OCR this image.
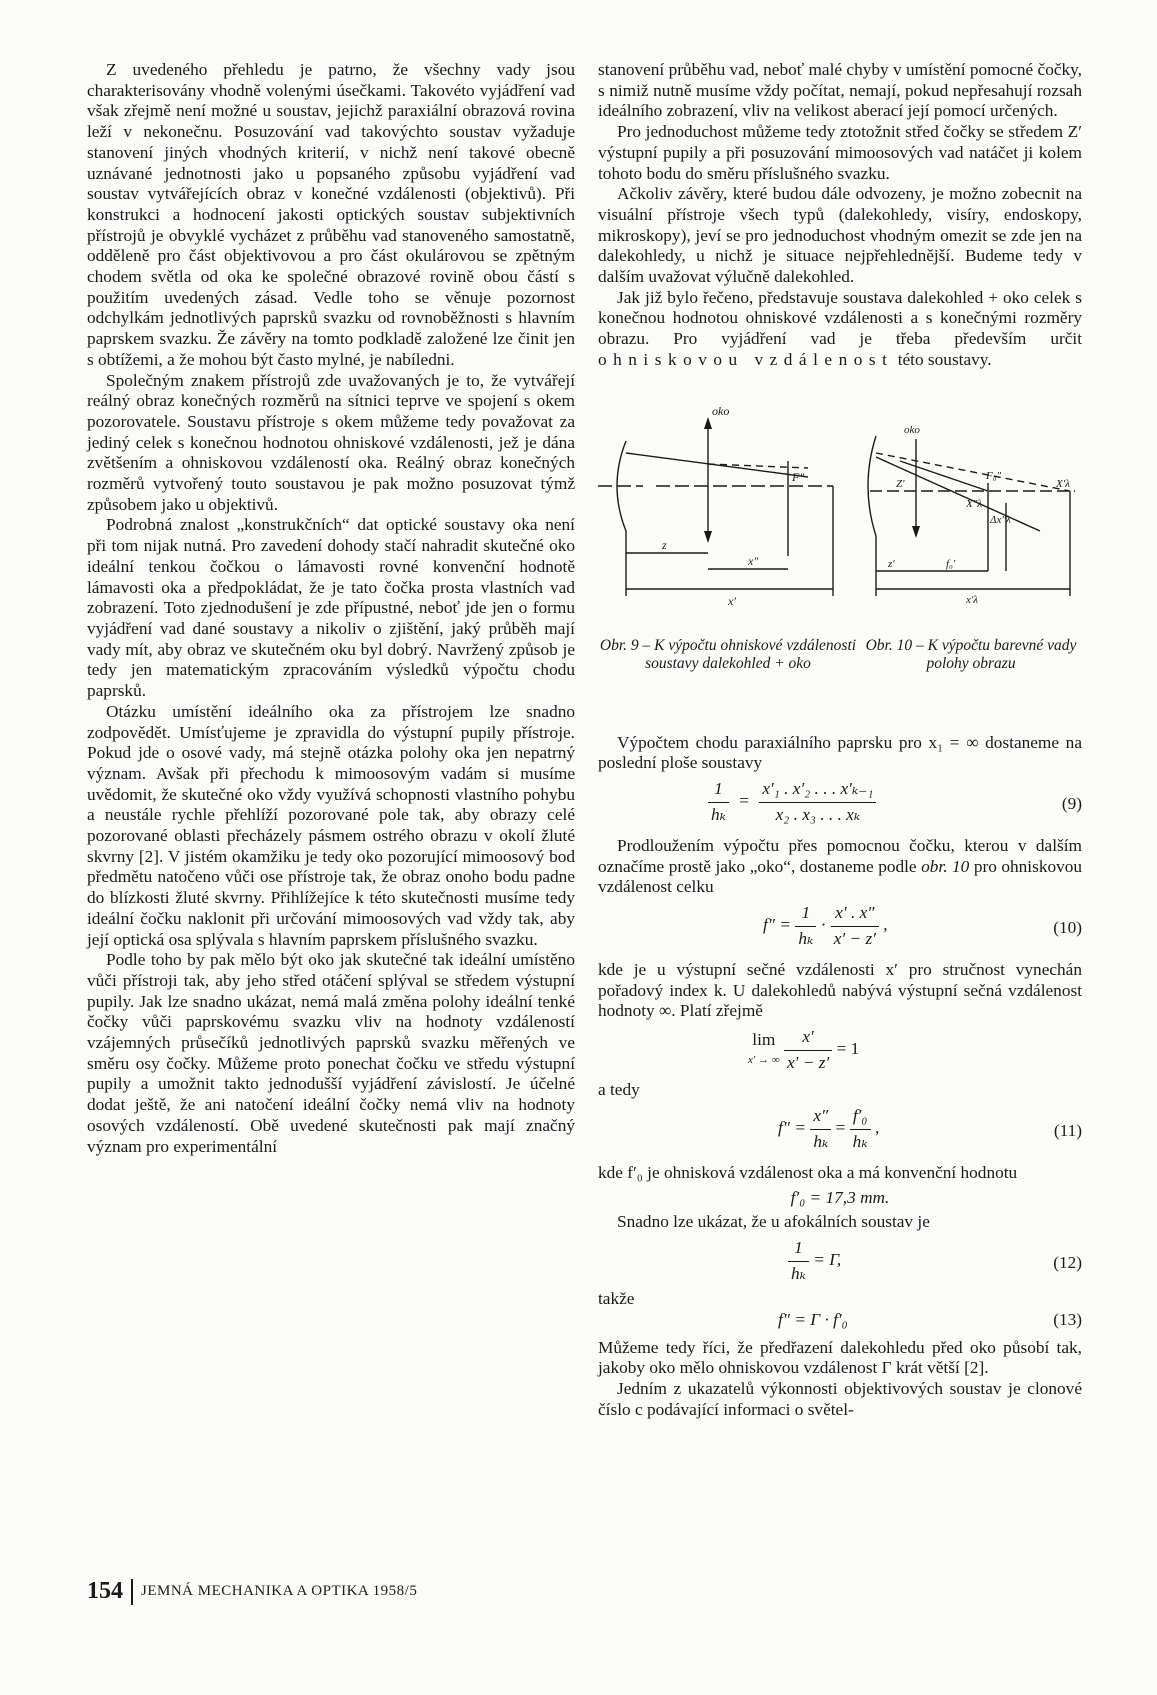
Z uvedeného přehledu je patrno, že všechny vady jsou charakterisovány vhodně volenými úsečkami. Takovéto vyjádření vad však zřejmě není možné u soustav, jejichž paraxiální obrazová rovina leží v nekonečnu. Posuzování vad takovýchto soustav vyžaduje stanovení jiných vhodných kriterií, v nichž není takové obecně uznávané jednotnosti jako u popsaného způsobu vyjádření vad soustav vytvářejících obraz v konečné vzdálenosti (objektivů). Při konstrukci a hodnocení jakosti optických soustav subjektivních přístrojů je obvyklé vycházet z průběhu vad stanoveného samostatně, odděleně pro část objektivovou a pro část okulárovou se zpětným chodem světla od oka ke společné obrazové rovině obou částí s použitím uvedených zásad. Vedle toho se věnuje pozornost odchylkám jednotlivých paprsků svazku od rovnoběžnosti s hlavním paprskem svazku. Že závěry na tomto podkladě založené lze činit jen s obtížemi, a že mohou být často mylné, je nabíledni.

Společným znakem přístrojů zde uvažovaných je to, že vytvářejí reálný obraz konečných rozměrů na sítnici teprve ve spojení s okem pozorovatele. Soustavu přístroje s okem můžeme tedy považovat za jediný celek s konečnou hodnotou ohniskové vzdálenosti, jež je dána zvětšením a ohniskovou vzdáleností oka. Reálný obraz konečných rozměrů vytvořený touto soustavou je pak možno posuzovat týmž způsobem jako u objektivů.

Podrobná znalost „konstrukčních“ dat optické soustavy oka není při tom nijak nutná. Pro zavedení dohody stačí nahradit skutečné oko ideální tenkou čočkou o lámavosti rovné konvenční hodnotě lámavosti oka a předpokládat, že je tato čočka prosta vlastních vad zobrazení. Toto zjednodušení je zde přípustné, neboť jde jen o formu vyjádření vad dané soustavy a nikoliv o zjištění, jaký průběh mají vady mít, aby obraz ve skutečném oku byl dobrý. Navržený způsob je tedy jen matematickým zpracováním výsledků výpočtu chodu paprsků.

Otázku umístění ideálního oka za přístrojem lze snadno zodpovědět. Umísťujeme je zpravidla do výstupní pupily přístroje. Pokud jde o osové vady, má stejně otázka polohy oka jen nepatrný význam. Avšak při přechodu k mimoosovým vadám si musíme uvědomit, že skutečné oko vždy využívá schopnosti vlastního pohybu a neustále rychle přehlíží pozorované pole tak, aby obrazy celé pozorované oblasti přecházely pásmem ostrého obrazu v okolí žluté skvrny [2]. V jistém okamžiku je tedy oko pozorující mimoosový bod předmětu natočeno vůči ose přístroje tak, že obraz onoho bodu padne do blízkosti žluté skvrny. Přihlížejíce k této skutečnosti musíme tedy ideální čočku naklonit při určování mimoosových vad vždy tak, aby její optická osa splývala s hlavním paprskem příslušného svazku.

Podle toho by pak mělo být oko jak skutečné tak ideální umístěno vůči přístroji tak, aby jeho střed otáčení splýval se středem výstupní pupily. Jak lze snadno ukázat, nemá malá změna polohy ideální tenké čočky vůči paprskovému svazku vliv na hodnoty vzdáleností vzájemných průsečíků jednotlivých paprsků svazku měřených ve směru osy čočky. Můžeme proto ponechat čočku ve středu výstupní pupily a umožnit takto jednodušší vyjádření závislostí. Je účelné dodat ještě, že ani natočení ideální čočky nemá vliv na hodnoty osových vzdáleností. Obě uvedené skutečnosti pak mají značný význam pro experimentální

stanovení průběhu vad, neboť malé chyby v umístění pomocné čočky, s nimiž nutně musíme vždy počítat, nemají, pokud nepřesahují rozsah ideálního zobrazení, vliv na velikost aberací její pomocí určených.

Pro jednoduchost můžeme tedy ztotožnit střed čočky se středem Z′ výstupní pupily a při posuzování mimoosových vad natáčet ji kolem tohoto bodu do směru příslušného svazku.

Ačkoliv závěry, které budou dále odvozeny, je možno zobecnit na visuální přístroje všech typů (dalekohledy, visíry, endoskopy, mikroskopy), jeví se pro jednoduchost vhodným omezit se zde jen na dalekohledy, u nichž je situace nejpřehlednější. Budeme tedy v dalším uvažovat výlučně dalekohled.

Jak již bylo řečeno, představuje soustava dalekohled + oko celek s konečnou hodnotou ohniskové vzdálenosti a s konečnými rozměry obrazu. Pro vyjádření vad je třeba především určit ohniskovou vzdálenost této soustavy.

oko
F″
z
x″
x′
Obr. 9 – K výpočtu ohniskové vzdálenosti soustavy dalekohled + oko
oko
Z′
F₀″
X″λ
X′λ
Δx″λ
z′	f₀′
x′λ
Obr. 10 – K výpočtu barevné vady polohy obrazu

Výpočtem chodu paraxiálního paprsku pro x₁ = ∞ dostaneme na poslední ploše soustavy

$\frac{1}{\text{hₖ}} = \frac{\text{x′₁ . x′₂ . . . x′ₖ₋₁}}{\text{x₂ . x₃ . . . xₖ}}$	(9)

Prodloužením výpočtu přes pomocnou čočku, kterou v dalším označíme prostě jako „oko“, dostaneme podle obr. 10 pro ohniskovou vzdálenost celku

$f'' = \frac{1}{\text{hₖ}} \cdot \frac{x' . x''}{x' - z'}$ ,	(10)

kde je u výstupní sečné vzdálenosti x′ pro stručnost vynechán pořadový index k. U dalekohledů nabývá výstupní sečná vzdálenost hodnoty ∞. Platí zřejmě

lim
x′ → ∞
$\frac{x'}{x' - z'} = 1$

a tedy

$f'' = \frac{x''}{\text{hₖ}} = \frac{\text{f′₀}}{\text{hₖ}}$ ,	(11)

kde f′₀ je ohnisková vzdálenost oka a má konvenční hodnotu

f′₀ = 17,3 mm.

Snadno lze ukázat, že u afokálních soustav je

$\frac{1}{\text{hₖ}} = \Gamma$,	(12)

takže

f″ = Γ · f′₀	(13)

Můžeme tedy říci, že předřazení dalekohledu před oko působí tak, jakoby oko mělo ohniskovou vzdálenost Γ krát větší [2].

Jedním z ukazatelů výkonnosti objektivových soustav je clonové číslo c podávající informaci o světel-

154 JEMNÁ MECHANIKA A OPTIKA 1958/5
